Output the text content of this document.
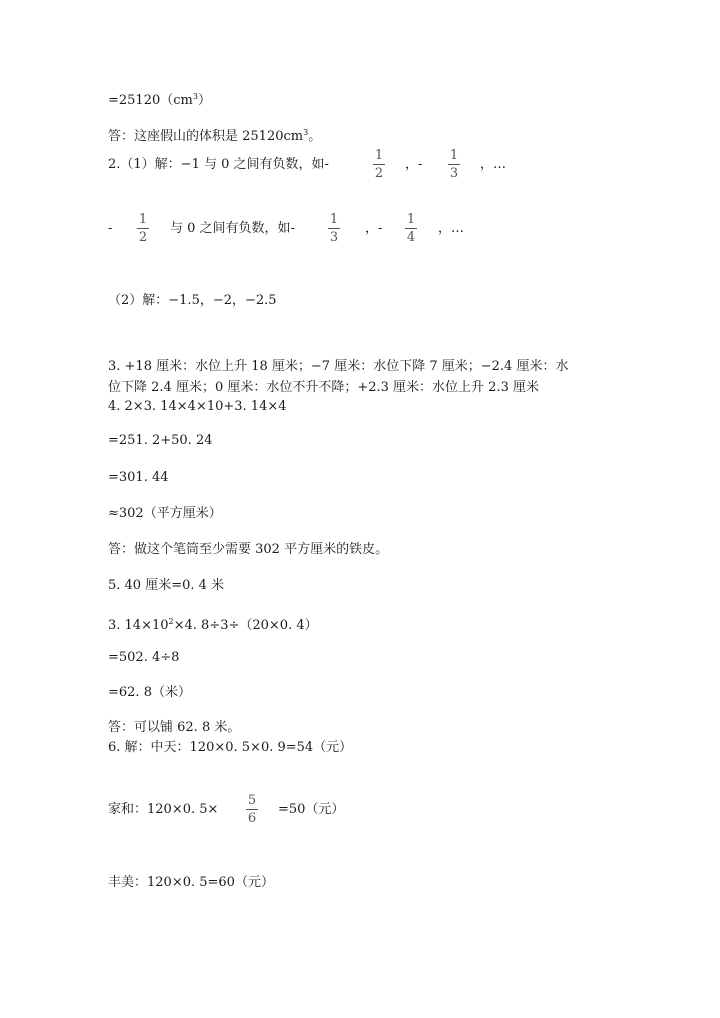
$=25120(cm^3)$
答：这座假山的体积是 $25120cm^3$。
2.（1）解：−1 与 0 之间有负数，如-
1
2
，-
1
3
，…
-
1
2
与 0 之间有负数，如-
1
3
，-
1
4
，…
（2）解：−1.5，−2，−2.5
3. +18 厘米：水位上升 18 厘米；−7 厘米：水位下降 7 厘米；−2.4 厘米：水
位下降 2.4 厘米；0 厘米：水位不升不降；+2.3 厘米：水位上升 2.3 厘米
4. 2×3. 14×4×10+3. 14×4
=251. 2+50. 24
=301. 44
≈302（平方厘米）
答：做这个笔筒至少需要 302 平方厘米的铁皮。
5. 40 厘米=0. 4 米
3. $14\times 10^2\times 4$. 8÷3÷（20×0. 4）
=502. 4÷8
=62. 8（米）
答：可以铺 62. 8 米。
6. 解：中天：120×0. 5×0. 9=54（元）
家和：120×0. 5×
5
6
=50（元）
丰美：120×0. 5=60（元）
